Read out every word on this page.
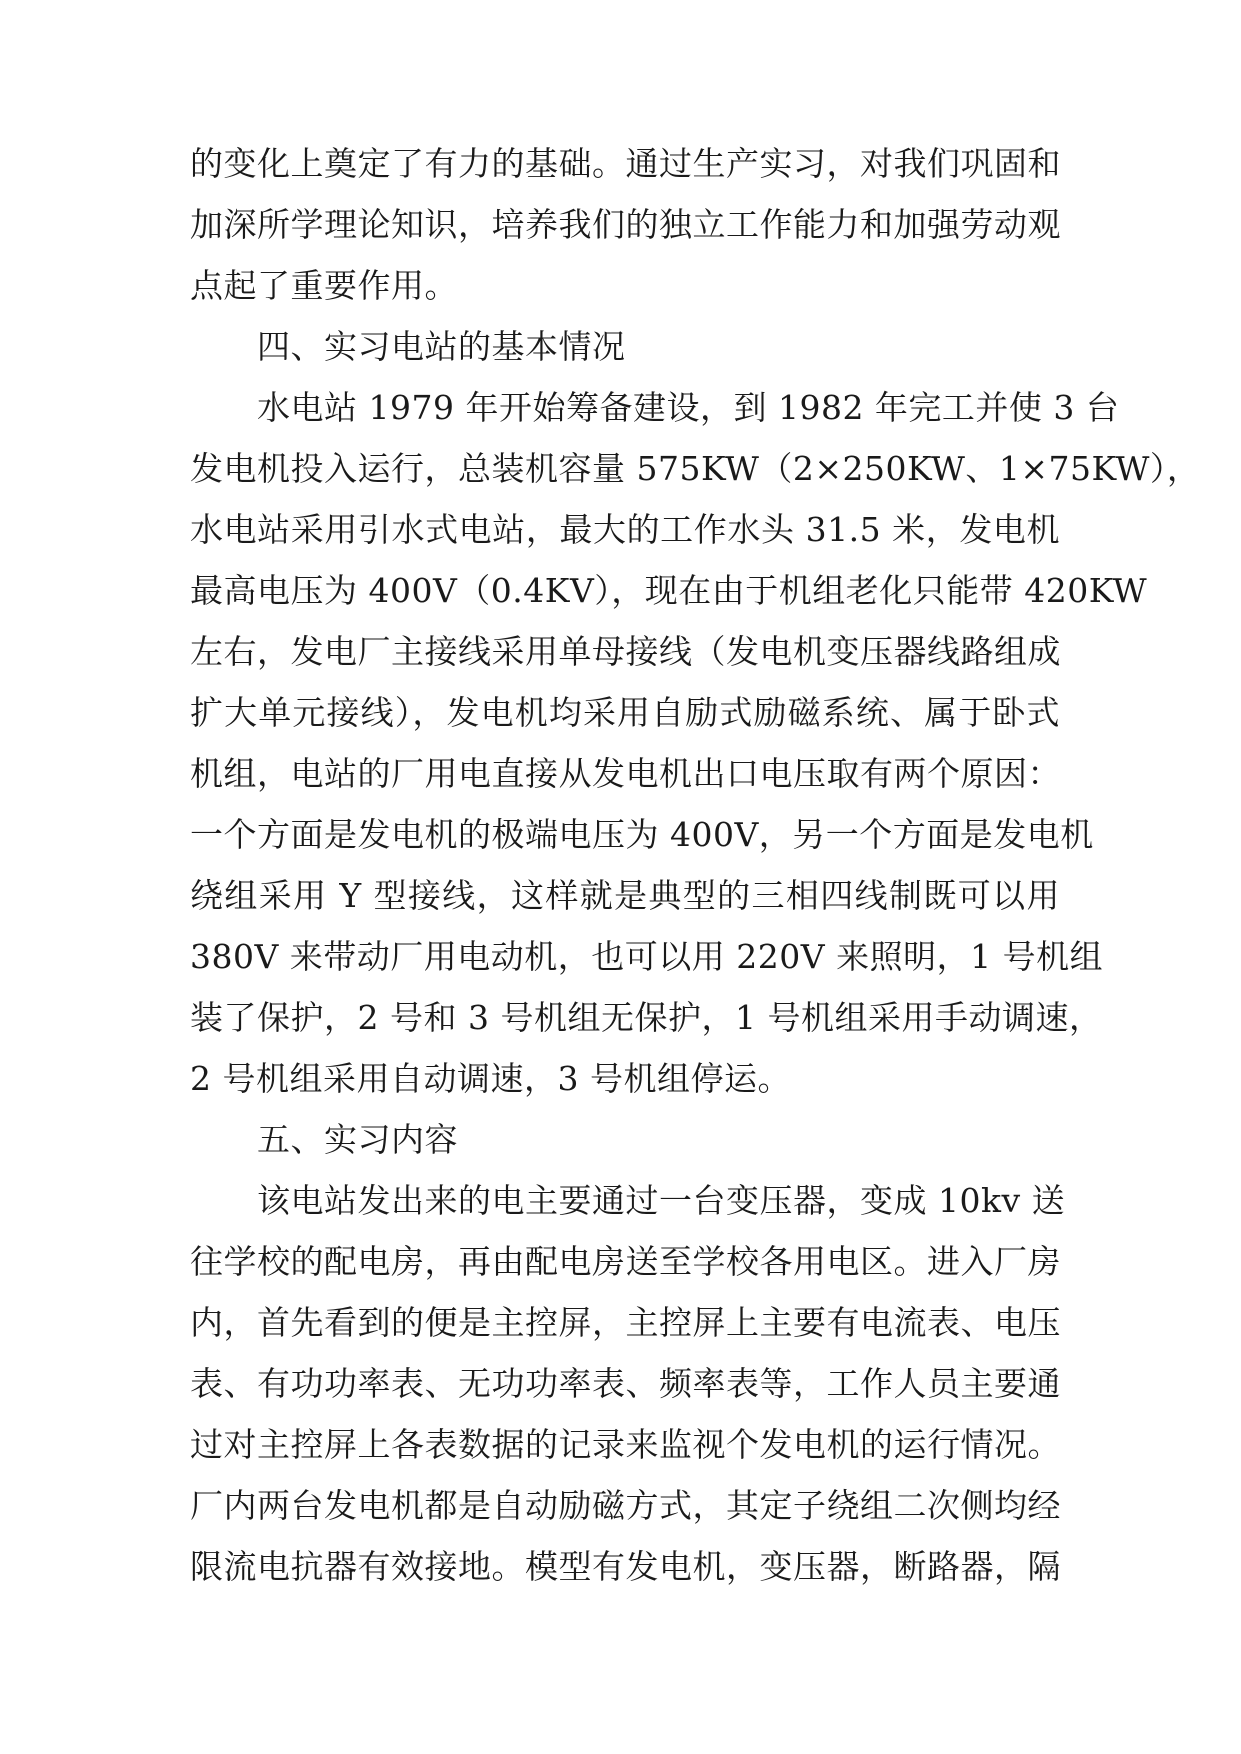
的变化上奠定了有力的基础。通过生产实习，对我们巩固和
加深所学理论知识，培养我们的独立工作能力和加强劳动观
点起了重要作用。
四、实习电站的基本情况
水电站 1979 年开始筹备建设，到 1982 年完工并使 3 台
发电机投入运行，总装机容量 575KW（2×250KW、1×75KW），
水电站采用引水式电站，最大的工作水头 31.5 米，发电机
最高电压为 400V（0.4KV），现在由于机组老化只能带 420KW
左右，发电厂主接线采用单母接线（发电机变压器线路组成
扩大单元接线），发电机均采用自励式励磁系统、属于卧式
机组，电站的厂用电直接从发电机出口电压取有两个原因：
一个方面是发电机的极端电压为 400V，另一个方面是发电机
绕组采用 Y 型接线，这样就是典型的三相四线制既可以用
380V 来带动厂用电动机，也可以用 220V 来照明，1 号机组
装了保护，2 号和 3 号机组无保护，1 号机组采用手动调速，
2 号机组采用自动调速，3 号机组停运。
五、实习内容
该电站发出来的电主要通过一台变压器，变成 10kv 送
往学校的配电房，再由配电房送至学校各用电区。进入厂房
内，首先看到的便是主控屏，主控屏上主要有电流表、电压
表、有功功率表、无功功率表、频率表等，工作人员主要通
过对主控屏上各表数据的记录来监视个发电机的运行情况。
厂内两台发电机都是自动励磁方式，其定子绕组二次侧均经
限流电抗器有效接地。模型有发电机，变压器，断路器，隔
